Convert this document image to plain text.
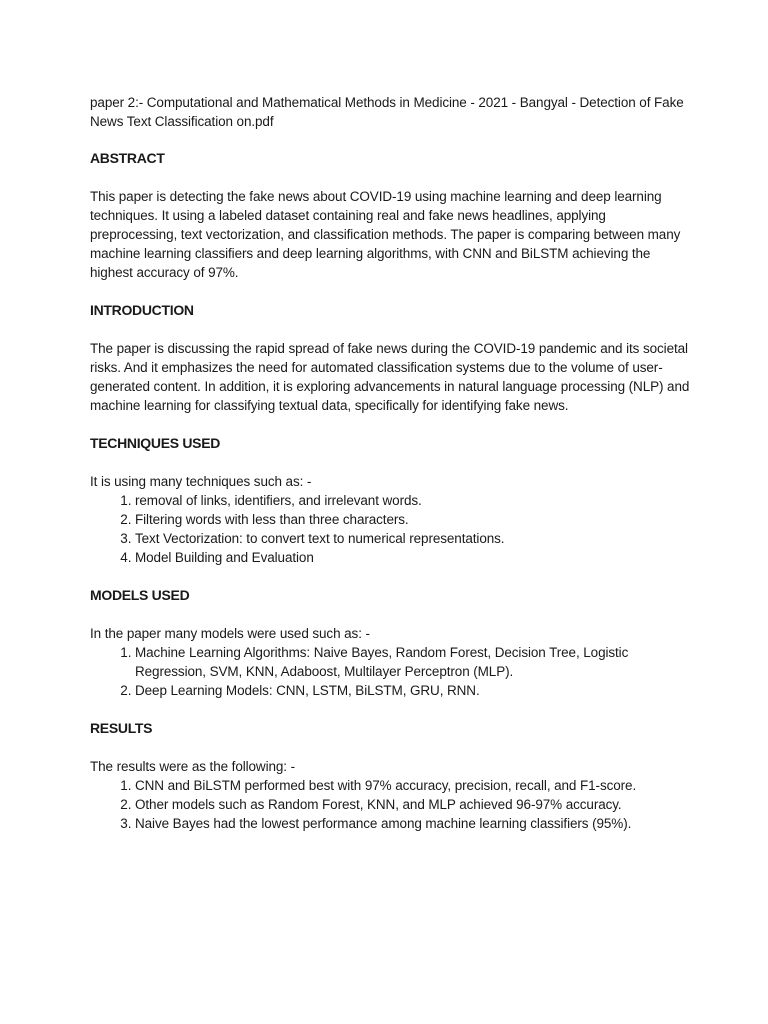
paper 2:- Computational and Mathematical Methods in Medicine - 2021 - Bangyal - Detection of Fake News Text Classification on.pdf

ABSTRACT

This paper is detecting the fake news about COVID-19 using machine learning and deep learning techniques. It using a labeled dataset containing real and fake news headlines, applying preprocessing, text vectorization, and classification methods. The paper is comparing between many machine learning classifiers and deep learning algorithms, with CNN and BiLSTM achieving the highest accuracy of 97%.

INTRODUCTION

The paper is discussing the rapid spread of fake news during the COVID-19 pandemic and its societal risks. And it emphasizes the need for automated classification systems due to the volume of user-generated content. In addition, it is exploring advancements in natural language processing (NLP) and machine learning for classifying textual data, specifically for identifying fake news.

TECHNIQUES USED

It is using many techniques such as: -

1. removal of links, identifiers, and irrelevant words.
2. Filtering words with less than three characters.
3. Text Vectorization: to convert text to numerical representations.
4. Model Building and Evaluation

MODELS USED

In the paper many models were used such as: -

1. Machine Learning Algorithms: Naive Bayes, Random Forest, Decision Tree, Logistic Regression, SVM, KNN, Adaboost, Multilayer Perceptron (MLP).
2. Deep Learning Models: CNN, LSTM, BiLSTM, GRU, RNN.

RESULTS

The results were as the following: -

1. CNN and BiLSTM performed best with 97% accuracy, precision, recall, and F1-score.
2. Other models such as Random Forest, KNN, and MLP achieved 96-97% accuracy.
3. Naive Bayes had the lowest performance among machine learning classifiers (95%).
